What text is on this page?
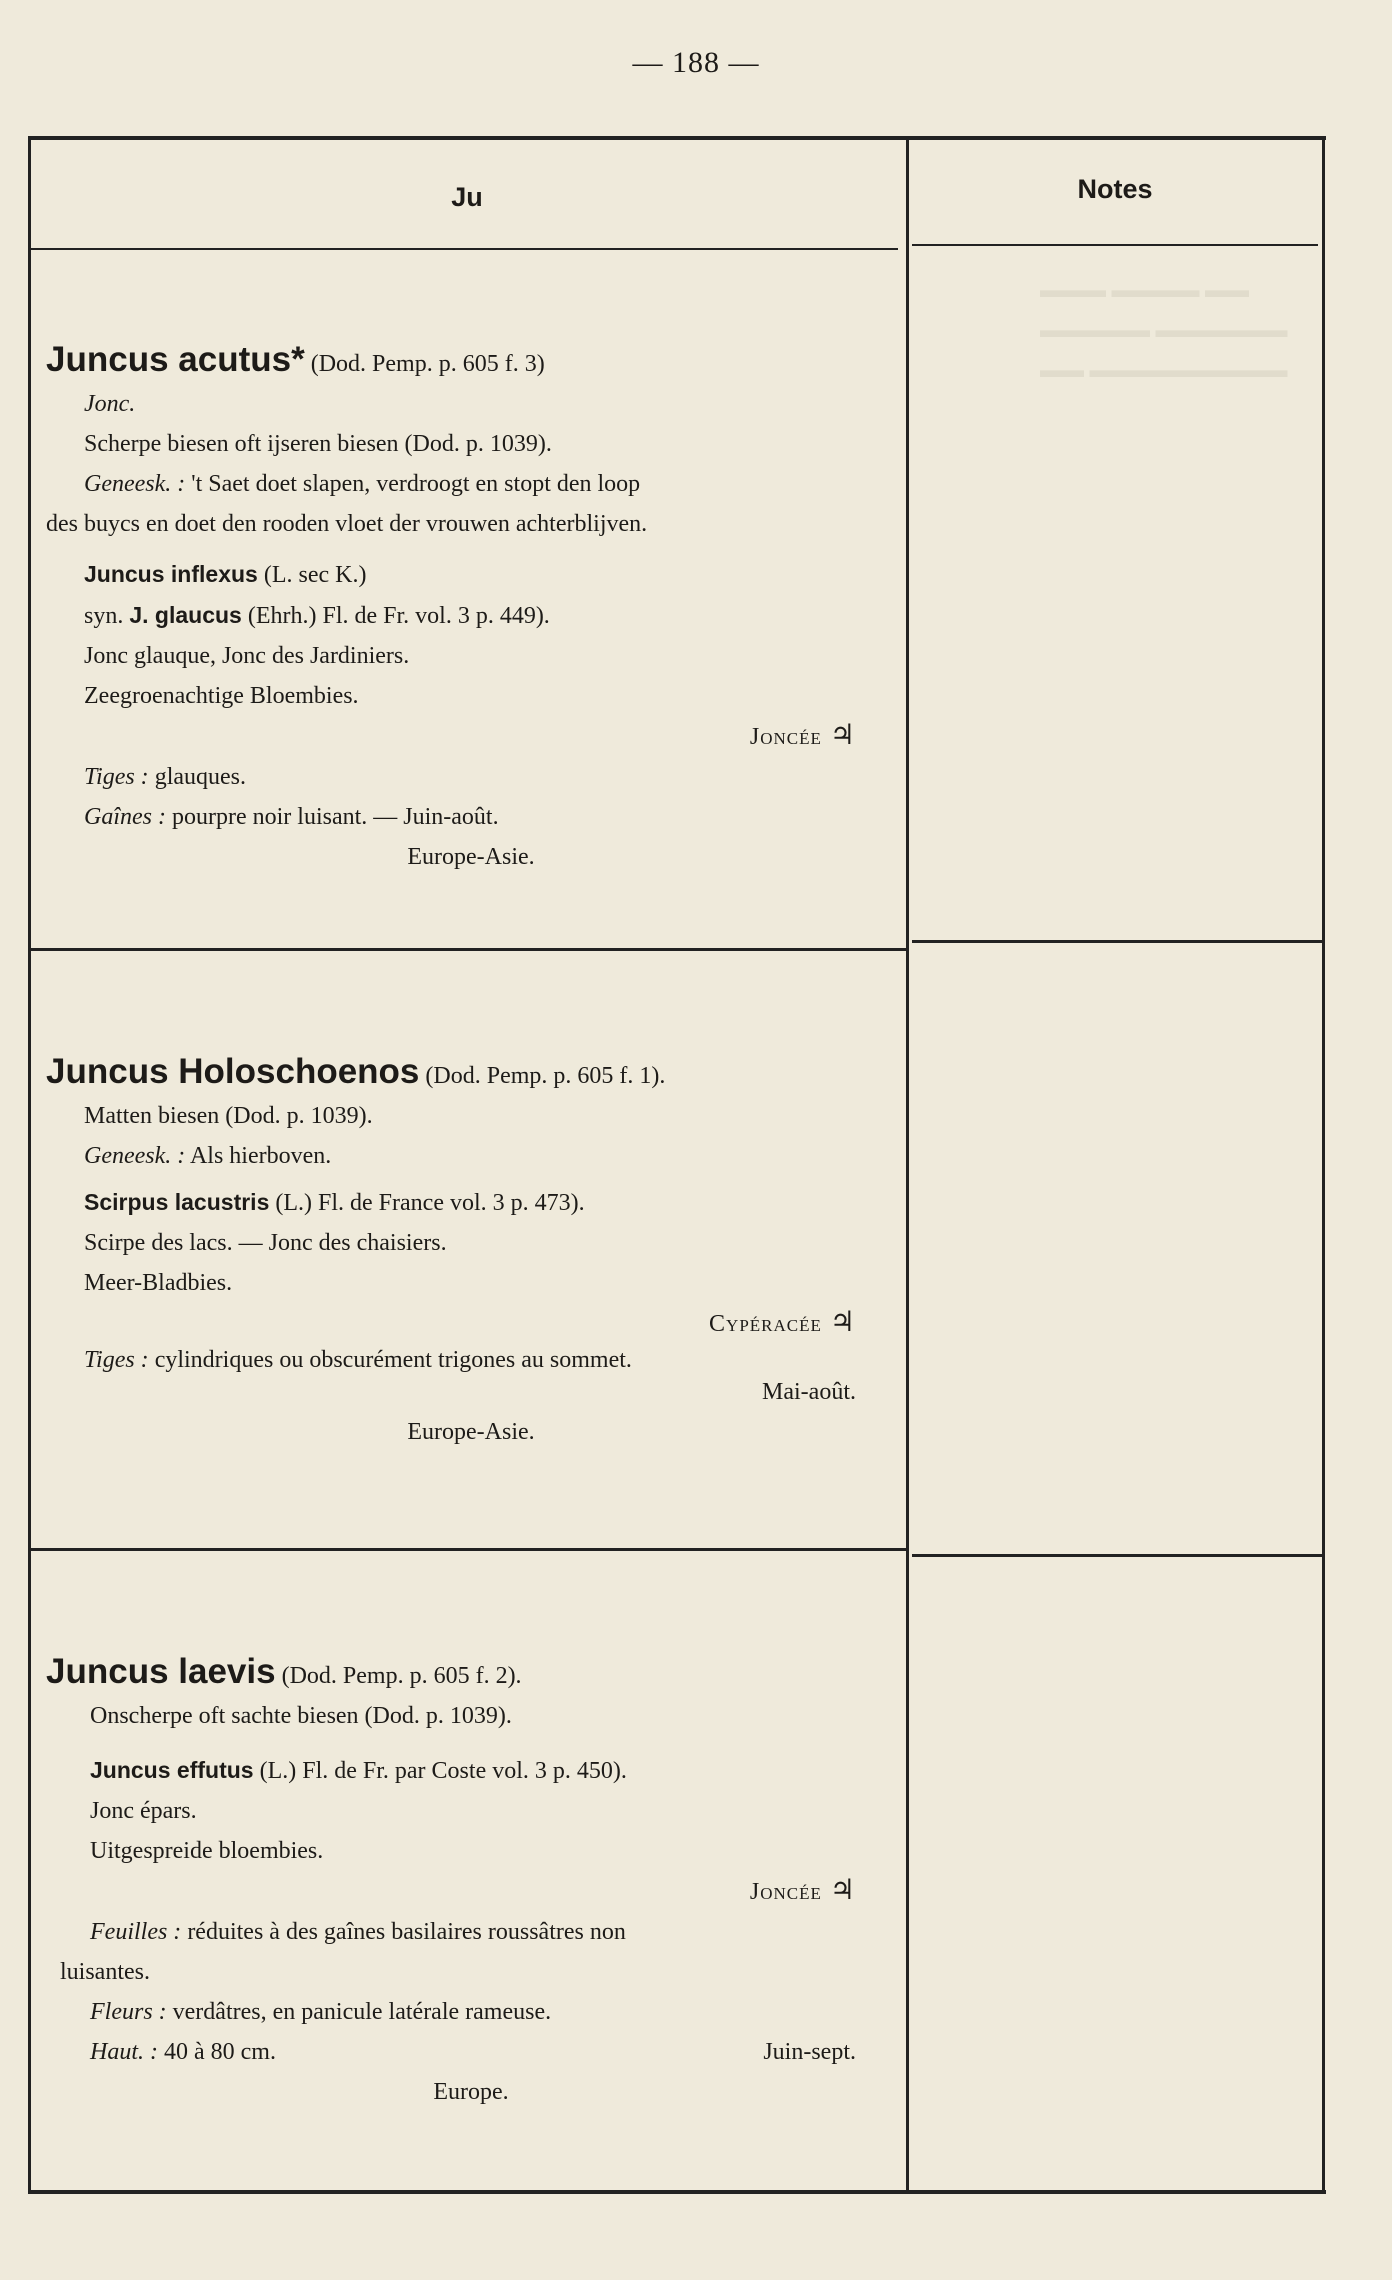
— 188 —
▬▬▬ ▬▬▬▬ ▬▬
▬▬▬▬▬ ▬▬▬▬▬▬
▬▬ ▬▬▬▬▬▬▬▬▬
Ju	Notes

Juncus acutus* (Dod. Pemp. p. 605 f. 3)

Jonc.

Scherpe biesen oft ijseren biesen (Dod. p. 1039).

Geneesk. : 't Saet doet slapen, verdroogt en stopt den loop

des buycs en doet den rooden vloet der vrouwen achterblijven.

Juncus inflexus (L. sec K.)

syn. J. glaucus (Ehrh.) Fl. de Fr. vol. 3 p. 449).

Jonc glauque, Jonc des Jardiniers.

Zeegroenachtige Bloembies.

Joncée ♃

Tiges : glauques.

Gaînes : pourpre noir luisant. — Juin-août.

Europe-Asie.

Juncus Holoschoenos (Dod. Pemp. p. 605 f. 1).

Matten biesen (Dod. p. 1039).

Geneesk. : Als hierboven.

Scirpus lacustris (L.) Fl. de France vol. 3 p. 473).

Scirpe des lacs. — Jonc des chaisiers.

Meer-Bladbies.

Cypéracée ♃

Tiges : cylindriques ou obscurément trigones au sommet.

Mai-août.

Europe-Asie.

Juncus laevis (Dod. Pemp. p. 605 f. 2).

Onscherpe oft sachte biesen (Dod. p. 1039).

Juncus effutus (L.) Fl. de Fr. par Coste vol. 3 p. 450).

Jonc épars.

Uitgespreide bloembies.

Joncée ♃

Feuilles : réduites à des gaînes basilaires roussâtres non

luisantes.

Fleurs : verdâtres, en panicule latérale rameuse.

Haut. : 40 à 80 cm.	Juin-sept.

Europe.
